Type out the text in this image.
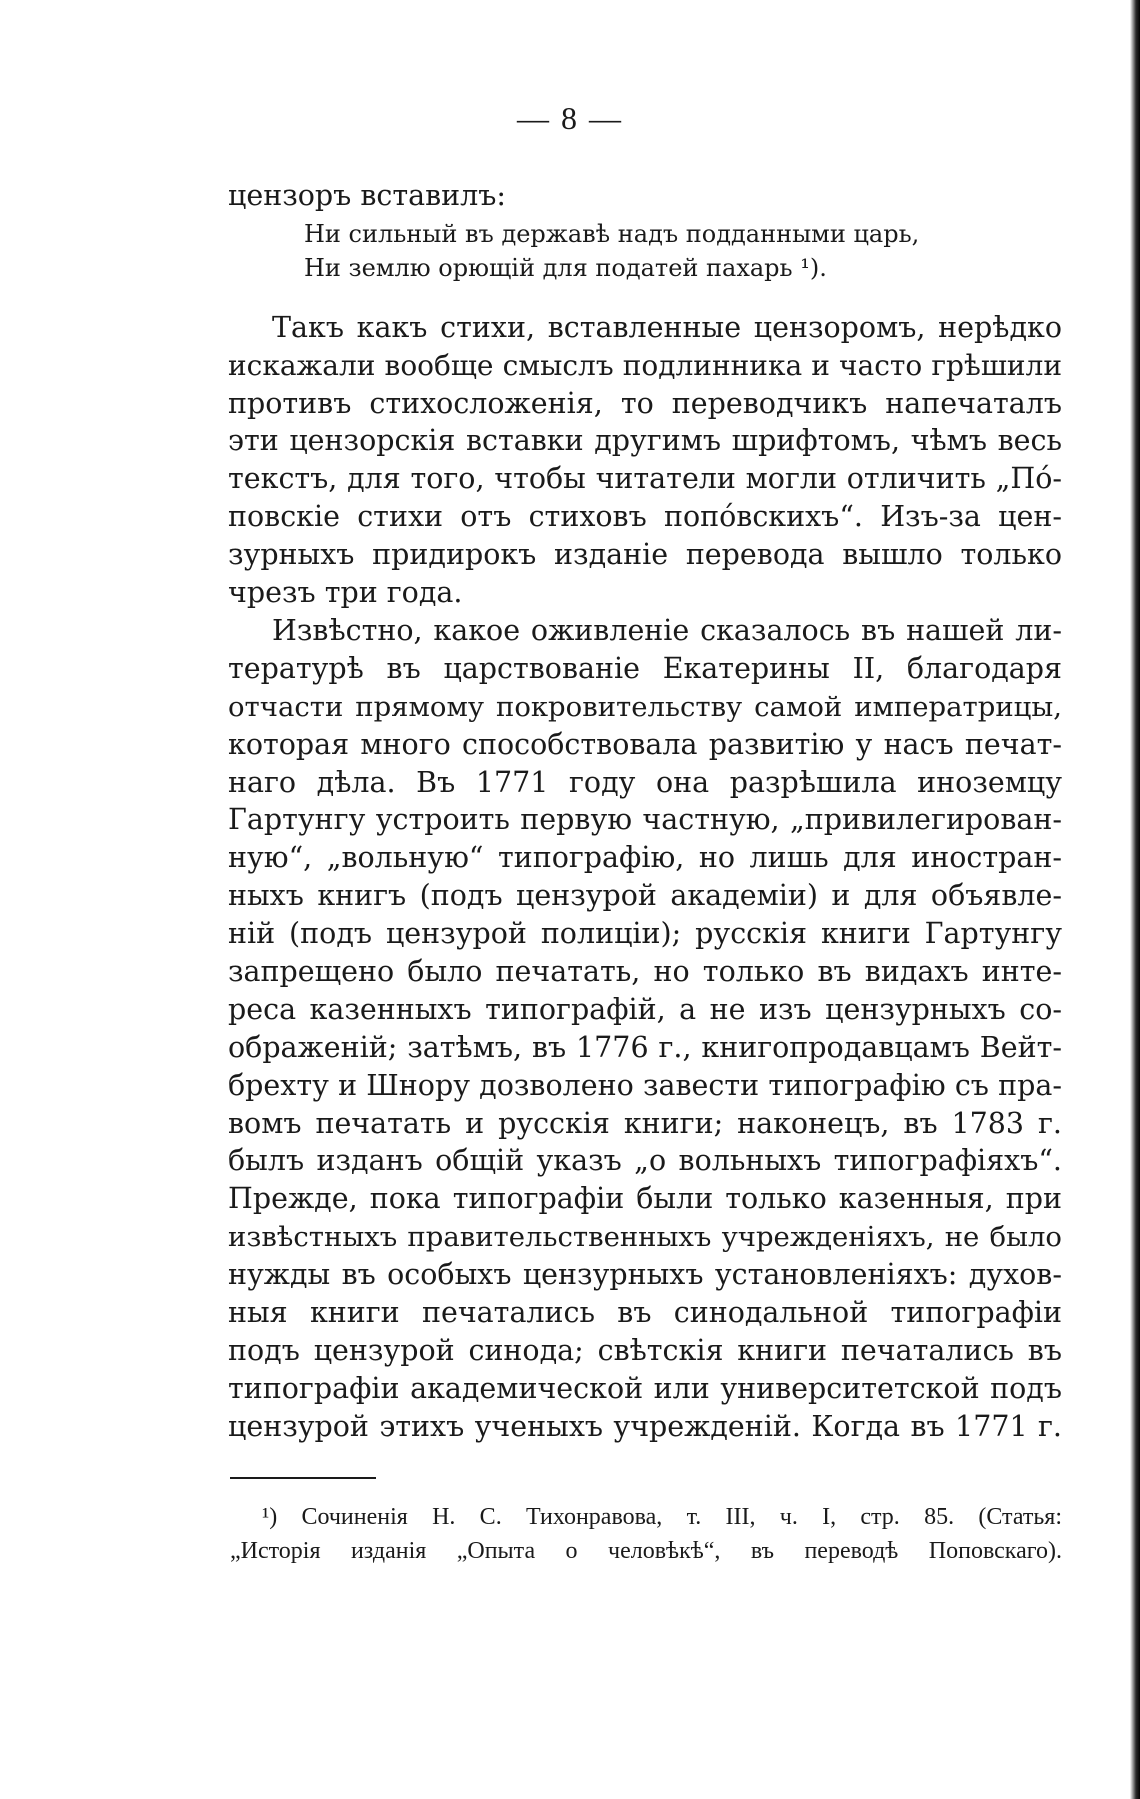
— 8 —
цензоръ вставилъ:
Ни сильный въ державѣ надъ подданными царь,
Ни землю орющій для податей пахарь ¹).
Такъ какъ стихи, вставленные цензоромъ, нерѣдко
искажали вообще смыслъ подлинника и часто грѣшили
противъ стихосложенія, то переводчикъ напечаталъ
эти цензорскія вставки другимъ шрифтомъ, чѣмъ весь
текстъ, для того, чтобы читатели могли отличить „По́-
повскіе стихи отъ стиховъ попо́вскихъ“. Изъ-за цен-
зурныхъ придирокъ изданіе перевода вышло только
чрезъ три года.
Извѣстно, какое оживленіе сказалось въ нашей ли-
тературѣ въ царствованіе Екатерины II, благодаря
отчасти прямому покровительству самой императрицы,
которая много способствовала развитію у насъ печат-
наго дѣла. Въ 1771 году она разрѣшила иноземцу
Гартунгу устроить первую частную, „привилегирован-
ную“, „вольную“ типографію, но лишь для иностран-
ныхъ книгъ (подъ цензурой академіи) и для объявле-
ній (подъ цензурой полиціи); русскія книги Гартунгу
запрещено было печатать, но только въ видахъ инте-
реса казенныхъ типографій, а не изъ цензурныхъ со-
ображеній; затѣмъ, въ 1776 г., книгопродавцамъ Вейт-
брехту и Шнору дозволено завести типографію съ пра-
вомъ печатать и русскія книги; наконецъ, въ 1783 г.
былъ изданъ общій указъ „о вольныхъ типографіяхъ“.
Прежде, пока типографіи были только казенныя, при
извѣстныхъ правительственныхъ учрежденіяхъ, не было
нужды въ особыхъ цензурныхъ установленіяхъ: духов-
ныя книги печатались въ синодальной типографіи
подъ цензурой синода; свѣтскія книги печатались въ
типографіи академической или университетской подъ
цензурой этихъ ученыхъ учрежденій. Когда въ 1771 г.
¹) Сочиненія Н. С. Тихонравова, т. III, ч. I, стр. 85. (Статья:
„Исторія изданія „Опыта о человѣкѣ“, въ переводѣ Поповскаго).
